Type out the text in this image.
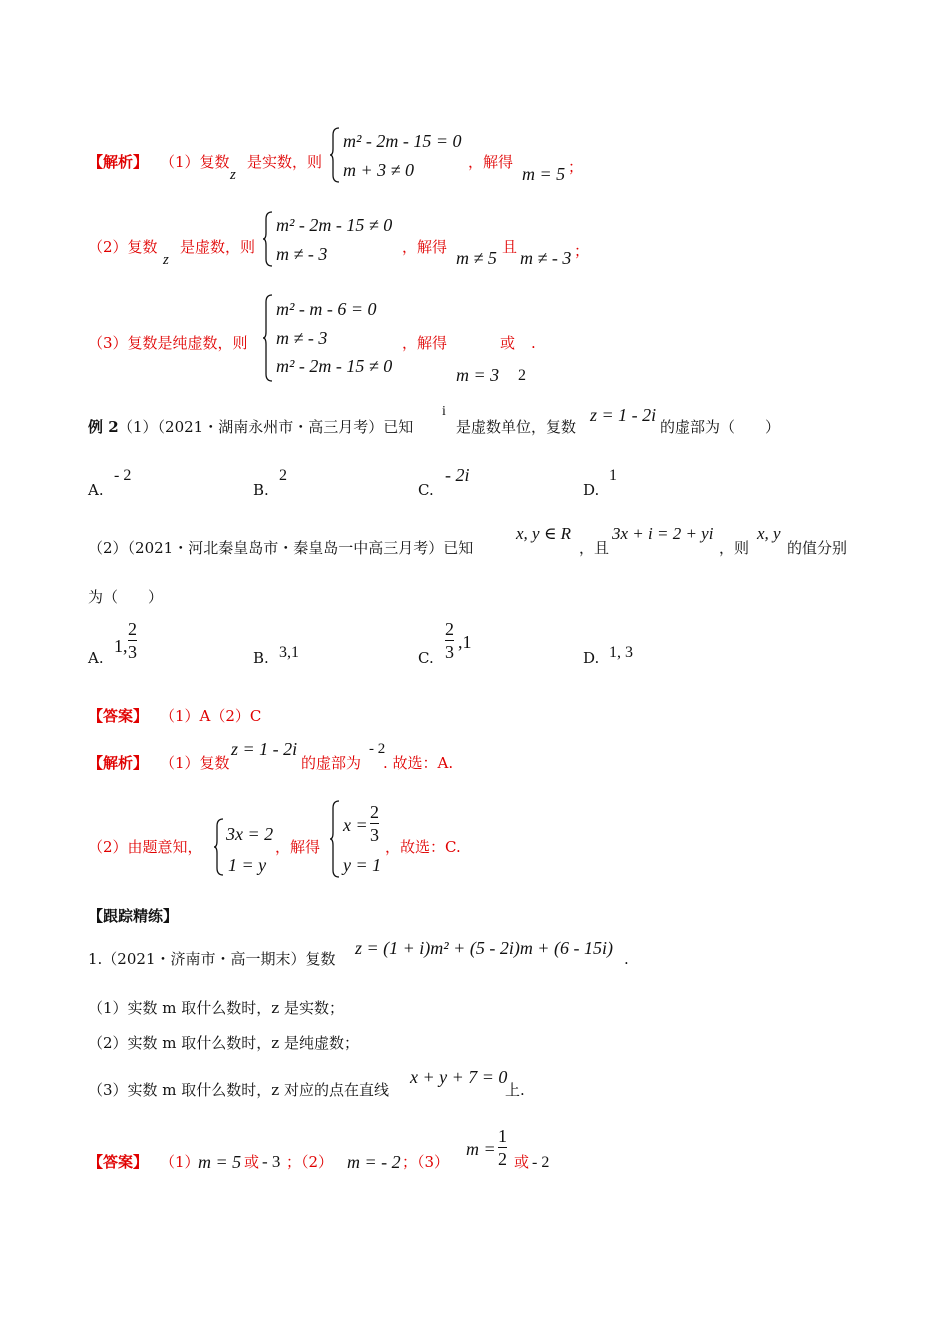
【解析】 （1）复数
z
是实数，则
m² - 2m - 15 = 0
m + 3 ≠ 0	，解得
m = 5 ；
（2）复数
z
是虚数，则
m² - 2m - 15 ≠ 0
m ≠ - 3	，解得
m ≠ 5
且
m ≠ - 3 ；
（3）复数是纯虚数，则
m² - m - 6 = 0
m ≠ - 3
m² - 2m - 15 ≠ 0
，解得	或 .
m = 3 2
例 2 （1）（2021・湖南永州市・高三月考）已知
i
是虚数单位，复数
z = 1 - 2i
的虚部为（　　）
A.
- 2
B.
2
C.
- 2i
D.
1
（2）（2021・河北秦皇岛市・秦皇岛一中高三月考）已知
x, y ∈ R
，且
3x + i = 2 + yi
，则
x, y
的值分别
为（　　）
A.
1,
2
3	B. 3,1	C.
2
3 ,1
D. 1, 3
【答案】 （1）A（2）C
【解析】 （1）复数
z = 1 - 2i
的虚部为
- 2
. 故选：A.
（2）由题意知，
3x = 2
1 = y
，解得
x =
2
3
y = 1
，故选：C.
【跟踪精练】
1.（2021・济南市・高一期末）复数
z = (1 + i)m² + (5 - 2i)m + (6 - 15i)
.
（1）实数 m 取什么数时，z 是实数；
（2）实数 m 取什么数时，z 是纯虚数；
（3）实数 m 取什么数时，z 对应的点在直线
x + y + 7 = 0
上.
【答案】 （1）
m = 5 或 - 3 ；（2） m = - 2 ；（3）
m =
1
2 或 - 2
